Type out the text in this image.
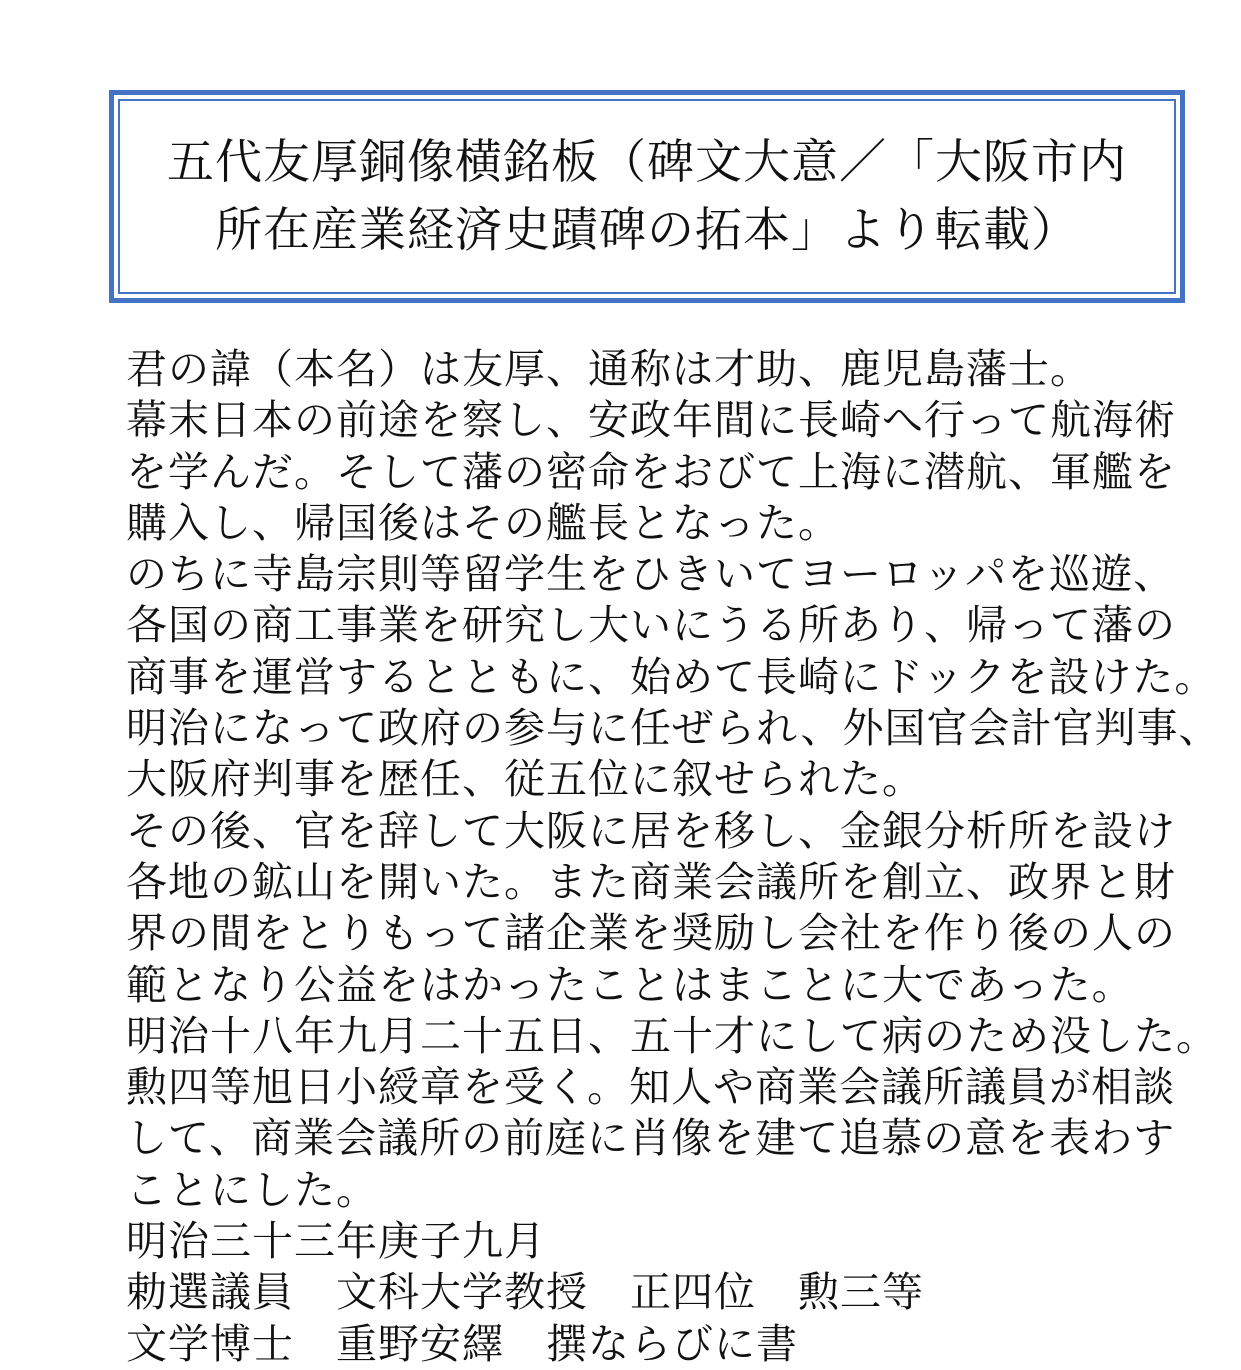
五代友厚銅像横銘板（碑文大意／「大阪市内
所在産業経済史蹟碑の拓本」より転載）
君の諱（本名）は友厚、通称は才助、鹿児島藩士。
幕末日本の前途を察し、安政年間に長崎へ行って航海術
を学んだ。そして藩の密命をおびて上海に潜航、軍艦を
購入し、帰国後はその艦長となった。
のちに寺島宗則等留学生をひきいてヨーロッパを巡遊、
各国の商工事業を研究し大いにうる所あり、帰って藩の
商事を運営するとともに、始めて長崎にドックを設けた。
明治になって政府の参与に任ぜられ、外国官会計官判事、
大阪府判事を歴任、従五位に叙せられた。
その後、官を辞して大阪に居を移し、金銀分析所を設け
各地の鉱山を開いた。また商業会議所を創立、政界と財
界の間をとりもって諸企業を奨励し会社を作り後の人の
範となり公益をはかったことはまことに大であった。
明治十八年九月二十五日、五十才にして病のため没した。
勲四等旭日小綬章を受く。知人や商業会議所議員が相談
して、商業会議所の前庭に肖像を建て追慕の意を表わす
ことにした。
明治三十三年庚子九月
勅選議員　文科大学教授　正四位　勲三等
文学博士　重野安繹　撰ならびに書
